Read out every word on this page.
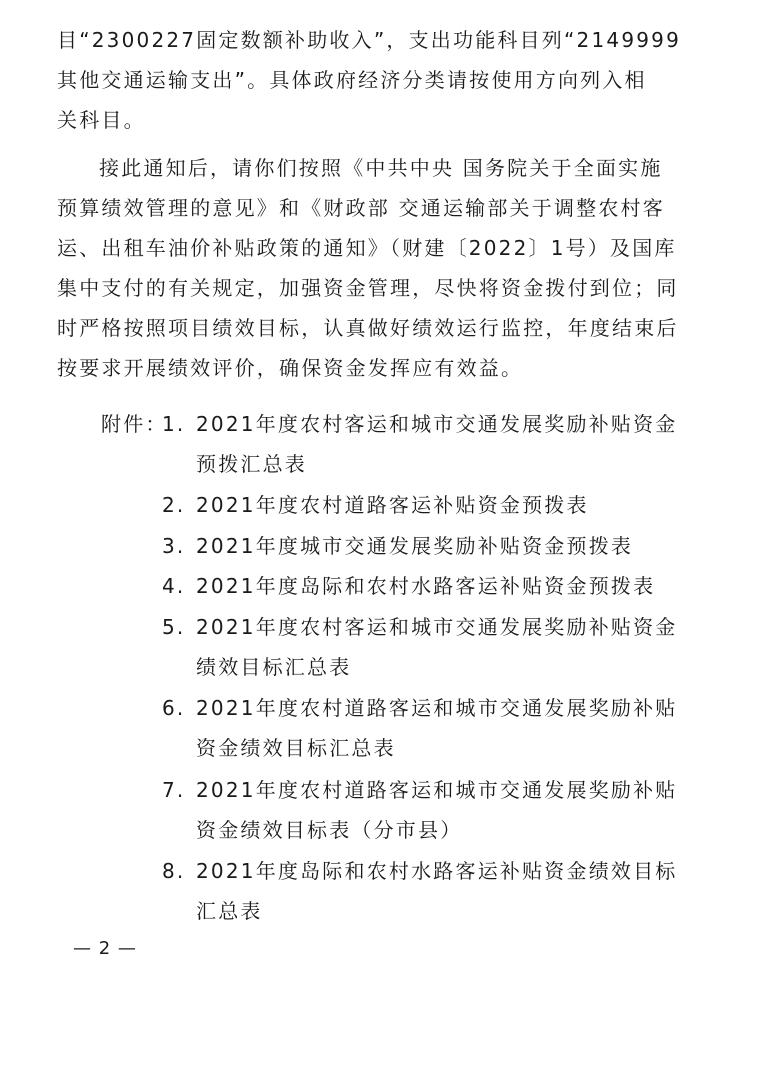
目“2300227固定数额补助收入”，支出功能科目列“2149999
其他交通运输支出”。具体政府经济分类请按使用方向列入相
关科目。
接此通知后，请你们按照《中共中央 国务院关于全面实施
预算绩效管理的意见》和《财政部 交通运输部关于调整农村客
运、出租车油价补贴政策的通知》（财建〔2022〕1号）及国库
集中支付的有关规定，加强资金管理，尽快将资金拨付到位；同
时严格按照项目绩效目标，认真做好绩效运行监控，年度结束后
按要求开展绩效评价，确保资金发挥应有效益。
附件：
1. 2021年度农村客运和城市交通发展奖励补贴资金
预拨汇总表
2. 2021年度农村道路客运补贴资金预拨表
3. 2021年度城市交通发展奖励补贴资金预拨表
4. 2021年度岛际和农村水路客运补贴资金预拨表
5. 2021年度农村客运和城市交通发展奖励补贴资金
绩效目标汇总表
6. 2021年度农村道路客运和城市交通发展奖励补贴
资金绩效目标汇总表
7. 2021年度农村道路客运和城市交通发展奖励补贴
资金绩效目标表（分市县）
8. 2021年度岛际和农村水路客运补贴资金绩效目标
汇总表
— 2 —
